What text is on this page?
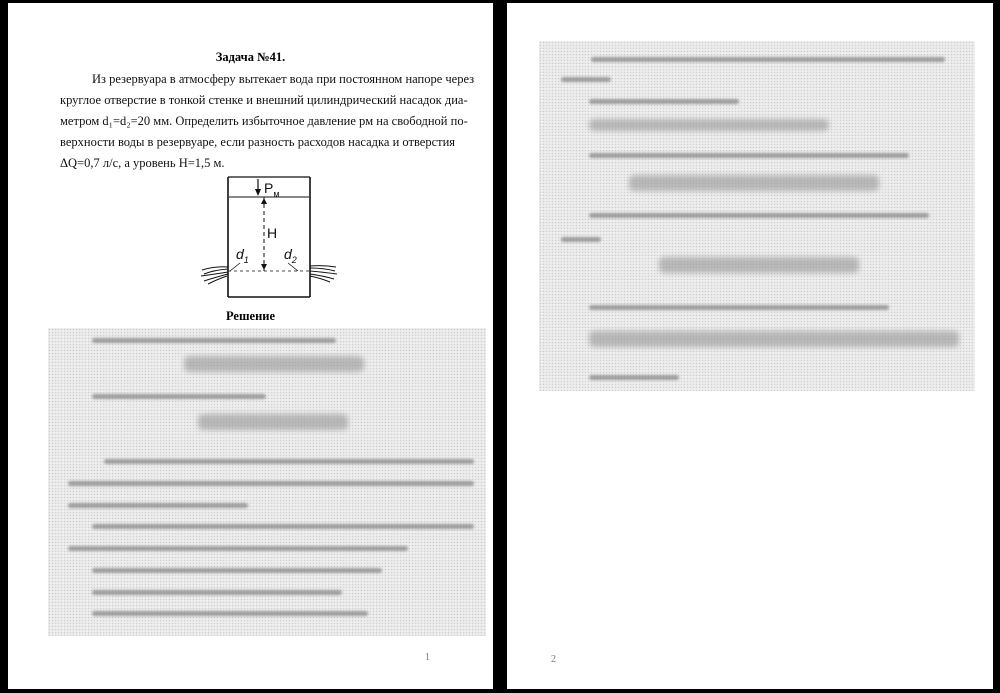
Задача №41.
Из резервуара в атмосферу вытекает вода при постоянном напоре через
круглое отверстие в тонкой стенке и внешний цилиндрический насадок диа-
метром d₁=d₂=20 мм. Определить избыточное давление pм на свободной по-
верхности воды в резервуаре, если разность расходов насадка и отверстия
ΔQ=0,7 л/с, а уровень H=1,5 м.
$P_м$
H
$d_1$	$d_2$
Решение
1	2
